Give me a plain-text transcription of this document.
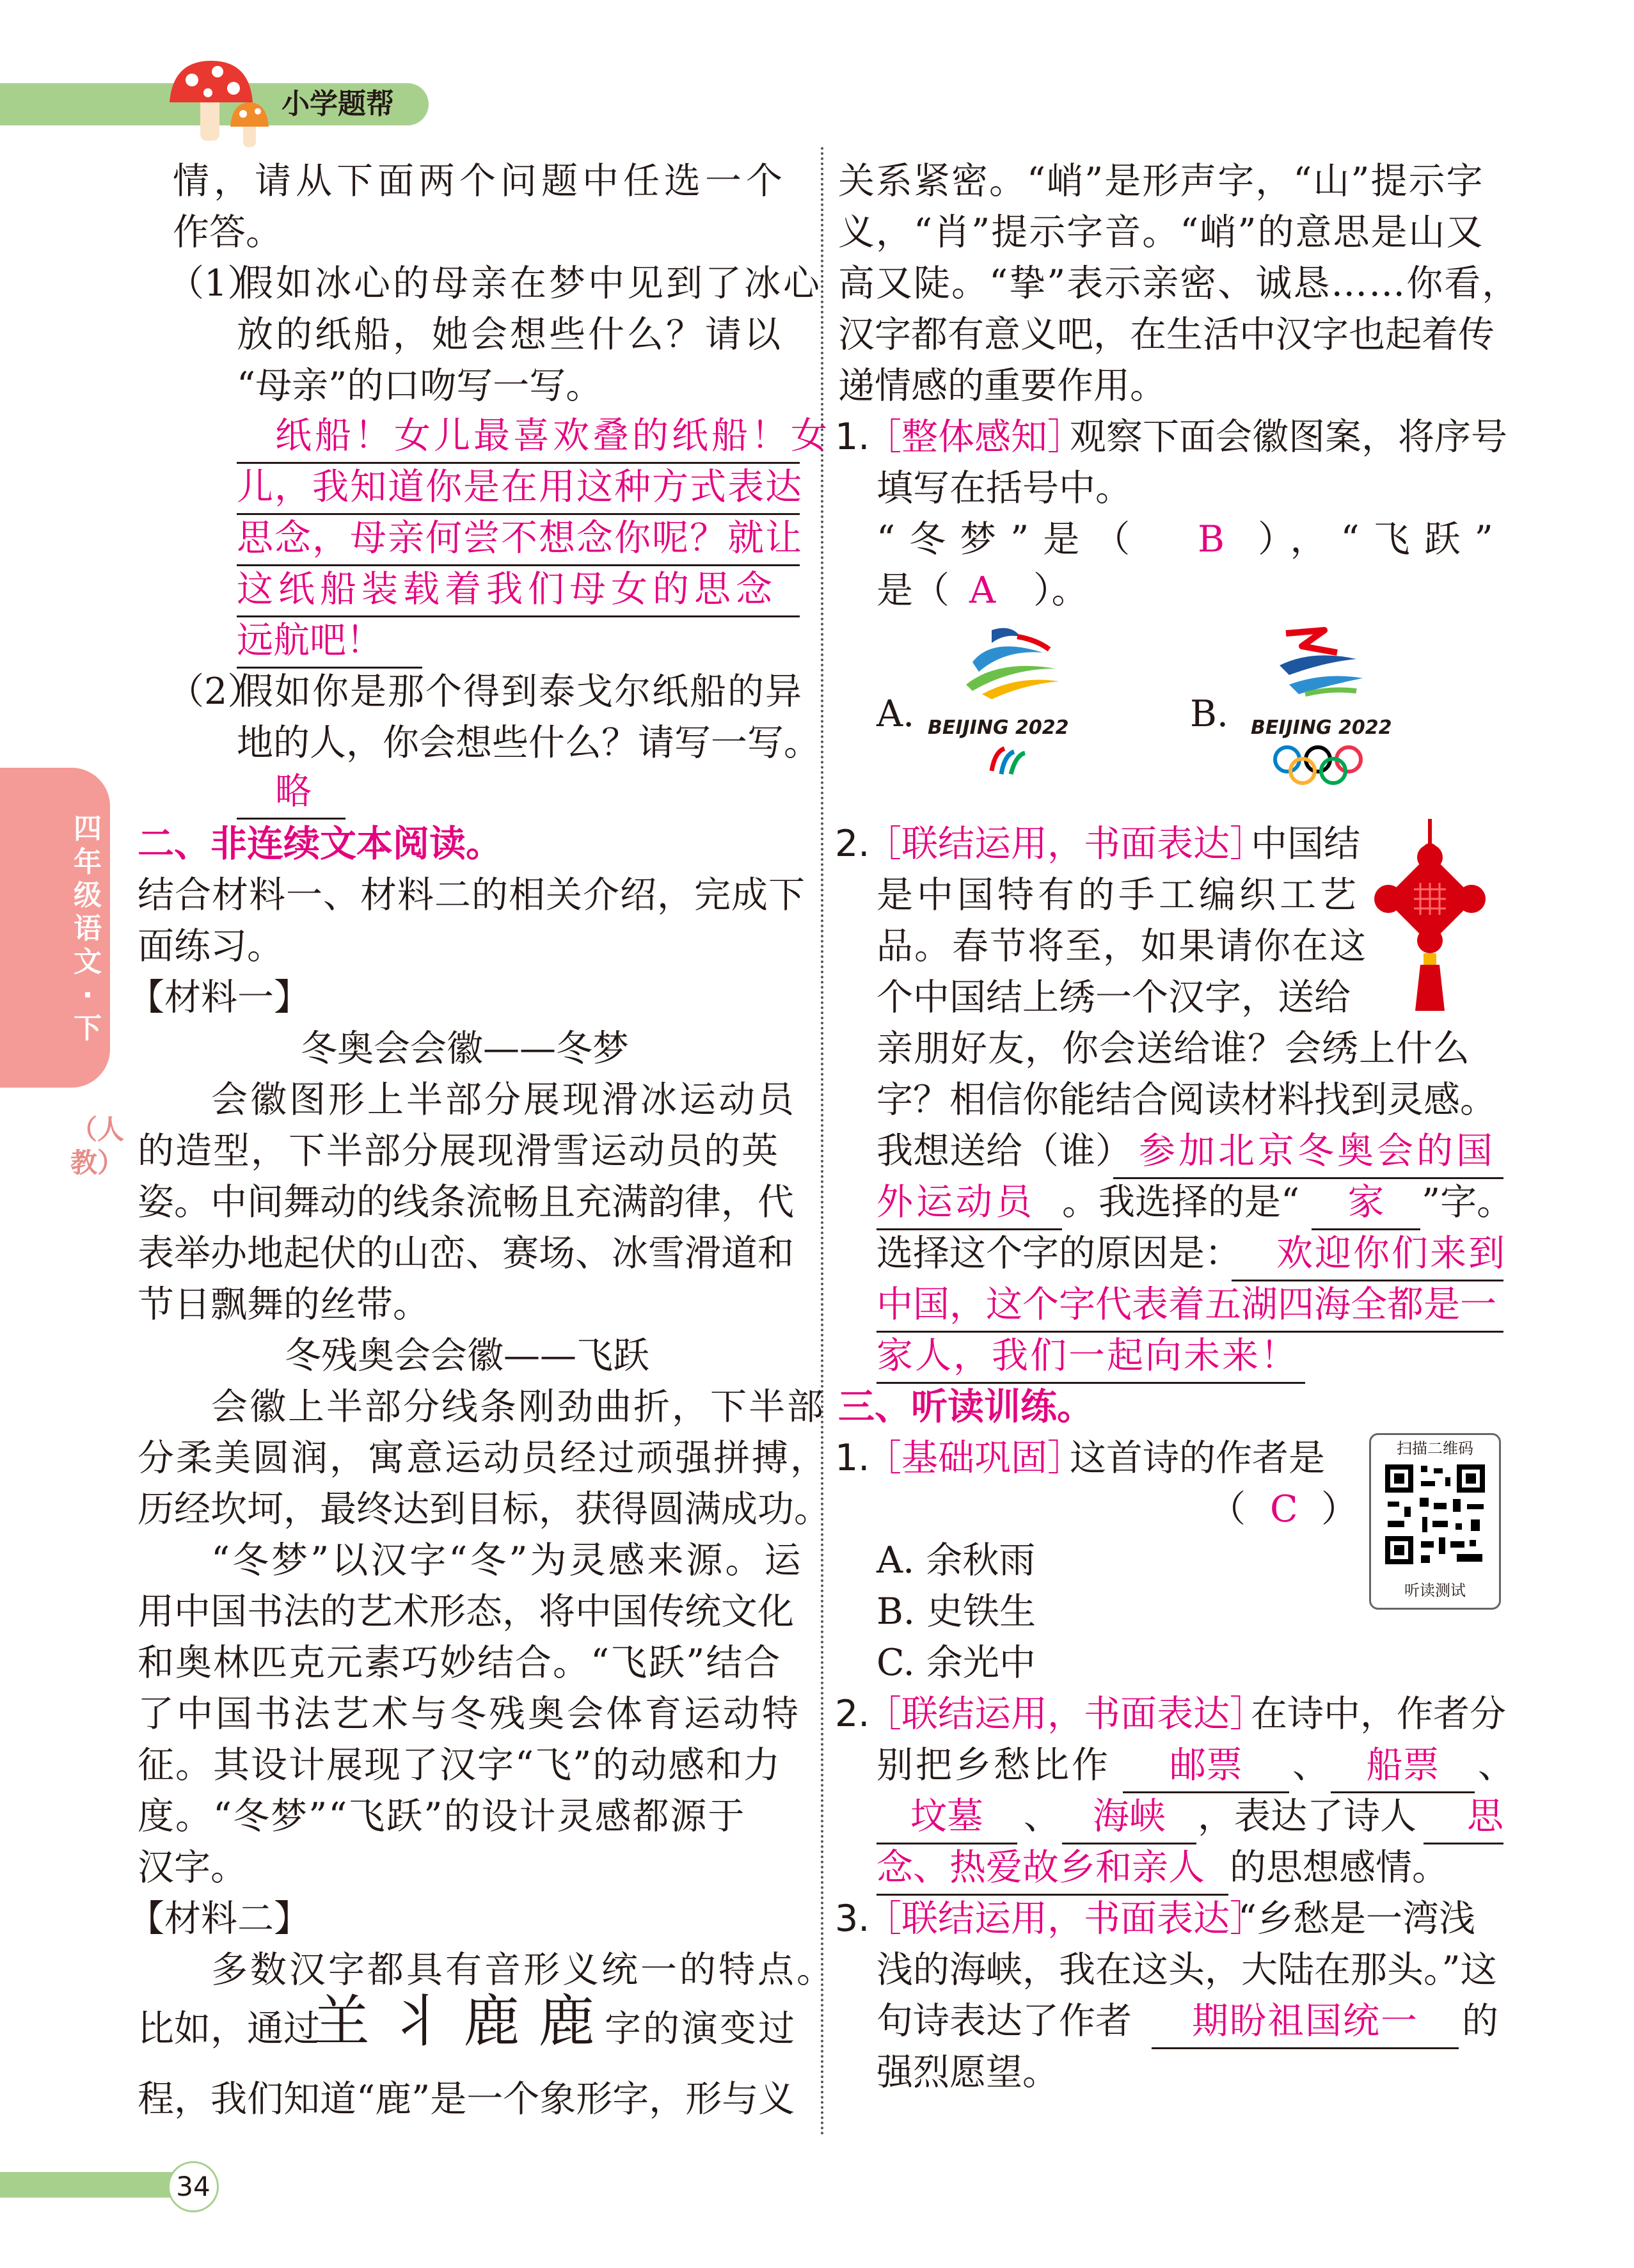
小学题帮
四年级语文·下
（人教）
情，请从下面两个问题中任选一个
作答。
（1）
假如冰心的母亲在梦中见到了冰心
放的纸船，她会想些什么？请以
“母亲”的口吻写一写。
纸船！女儿最喜欢叠的纸船！女
儿，我知道你是在用这种方式表达
思念，母亲何尝不想念你呢？就让
这纸船装载着我们母女的思念
远航吧！
（2）
假如你是那个得到泰戈尔纸船的异
地的人，你会想些什么？请写一写。
略
二、非连续文本阅读。
结合材料一、材料二的相关介绍，完成下
面练习。
【材料一】
冬奥会会徽——冬梦
会徽图形上半部分展现滑冰运动员
的造型，下半部分展现滑雪运动员的英
姿。中间舞动的线条流畅且充满韵律，代
表举办地起伏的山峦、赛场、冰雪滑道和
节日飘舞的丝带。
冬残奥会会徽——飞跃
会徽上半部分线条刚劲曲折，下半部
分柔美圆润，寓意运动员经过顽强拼搏，
历经坎坷，最终达到目标，获得圆满成功。
“冬梦”以汉字“冬”为灵感来源。运
用中国书法的艺术形态，将中国传统文化
和奥林匹克元素巧妙结合。“飞跃”结合
了中国书法艺术与冬残奥会体育运动特
征。其设计展现了汉字“飞”的动感和力
度。“冬梦”“飞跃”的设计灵感都源于
汉字。
【材料二】
多数汉字都具有音形义统一的特点。
比如，通过
𦍌 丬 鹿 鹿 字的演变过
程，我们知道“鹿”是一个象形字，形与义
关系紧密。“峭”是形声字，“山”提示字
义，“肖”提示字音。“峭”的意思是山又
高又陡。“挚”表示亲密、诚恳……你看，
汉字都有意义吧，在生活中汉字也起着传
递情感的重要作用。
1.
［整体感知］
观察下面会徽图案，将序号
填写在括号中。
“冬梦”是（ B ），“飞跃”
是（ A ）。
A. BEIJING 2022	B. BEIJING 2022
2.
［联结运用，书面表达］
中国结
是中国特有的手工编织工艺
品。春节将至，如果请你在这
个中国结上绣一个汉字，送给
亲朋好友，你会送给谁？会绣上什么
字？相信你能结合阅读材料找到灵感。
我想送给（谁） 参加北京冬奥会的国
外运动员 。我选择的是“	家	”字。
选择这个字的原因是： 欢迎你们来到
中国，这个字代表着五湖四海全都是一
家人，我们一起向未来！
三、听读训练。
1.
［基础巩固］
这首诗的作者是
（ C ）
A. 余秋雨
B. 史铁生
C. 余光中
扫描二维码
听读测试
2.
［联结运用，书面表达］
在诗中，作者分
别把乡愁比作	邮票	、	船票	、
坟墓	、 海峡 ，表达了诗人	思
念、热爱故乡和亲人 的思想感情。
3.
［联结运用，书面表达］
“乡愁是一湾浅
浅的海峡，我在这头，大陆在那头。”这
句诗表达了作者	期盼祖国统一	的
强烈愿望。
34
